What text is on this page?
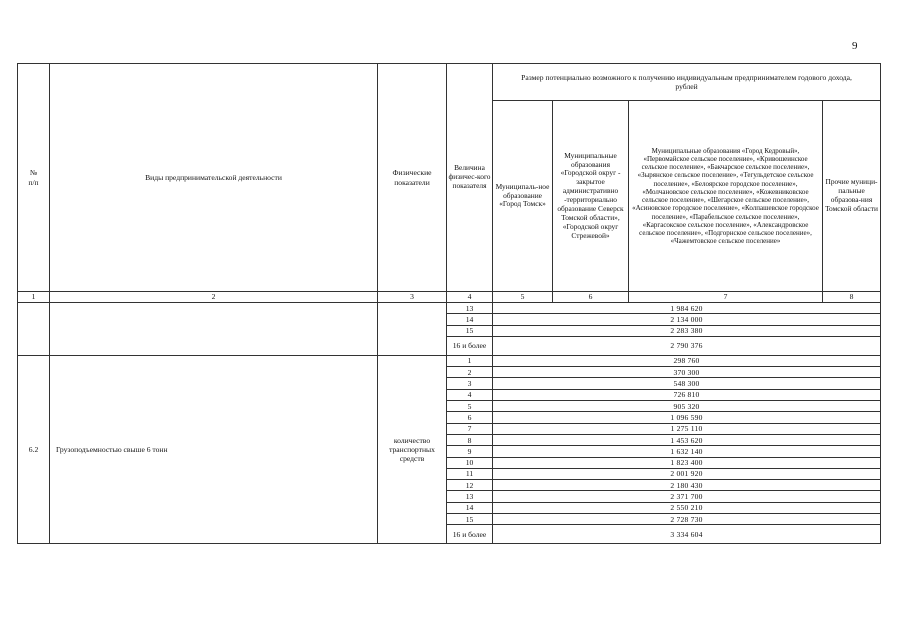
9
№
п/п	Виды предпринимательской деятельности	Физические показатели	Величина физичес-кого показателя	Размер потенциально возможного к получению индивидуальным предпринимателем годового дохода, рублей			
				Муниципаль-ное образование «Город Томск»	Муниципальные образования «Городской округ - закрытое административно -территориально образование Северск Томской области», «Городской округ Стрежевой»	Муниципальные образования «Город Кедровый», «Первомайское сельское поселение», «Кривошеинское сельское поселение», «Бакчарское сельское поселение», «Зырянское сельское поселение», «Тегульдетское сельское поселение», «Белоярское городское поселение», «Молчановское сельское поселение», «Кожевниковское сельское поселение», «Шегарское сельское поселение», «Асиновское городское поселение», «Колпашевское городское поселение», «Парабельское сельское поселение», «Каргасокское сельское поселение», «Александровское сельское поселение», «Подгорнское сельское поселение», «Чажемтовское сельское поселение»	Прочие муници-пальные образова-ния Томской области
1	2	3	4	5	6	7	8
			13	1 984 620			
			14	2 134 000			
			15	2 283 380			
			16 и более	2 790 376			
6.2	Грузоподъемностью свыше 6 тонн	количество транспортных средств	1	298 760			
			2	370 300			
			3	548 300			
			4	726 810			
			5	905 320			
			6	1 096 590			
			7	1 275 110			
			8	1 453 620			
			9	1 632 140			
			10	1 823 400			
			11	2 001 920			
			12	2 180 430			
			13	2 371 700			
			14	2 550 210			
			15	2 728 730			
			16 и более	3 334 604			
